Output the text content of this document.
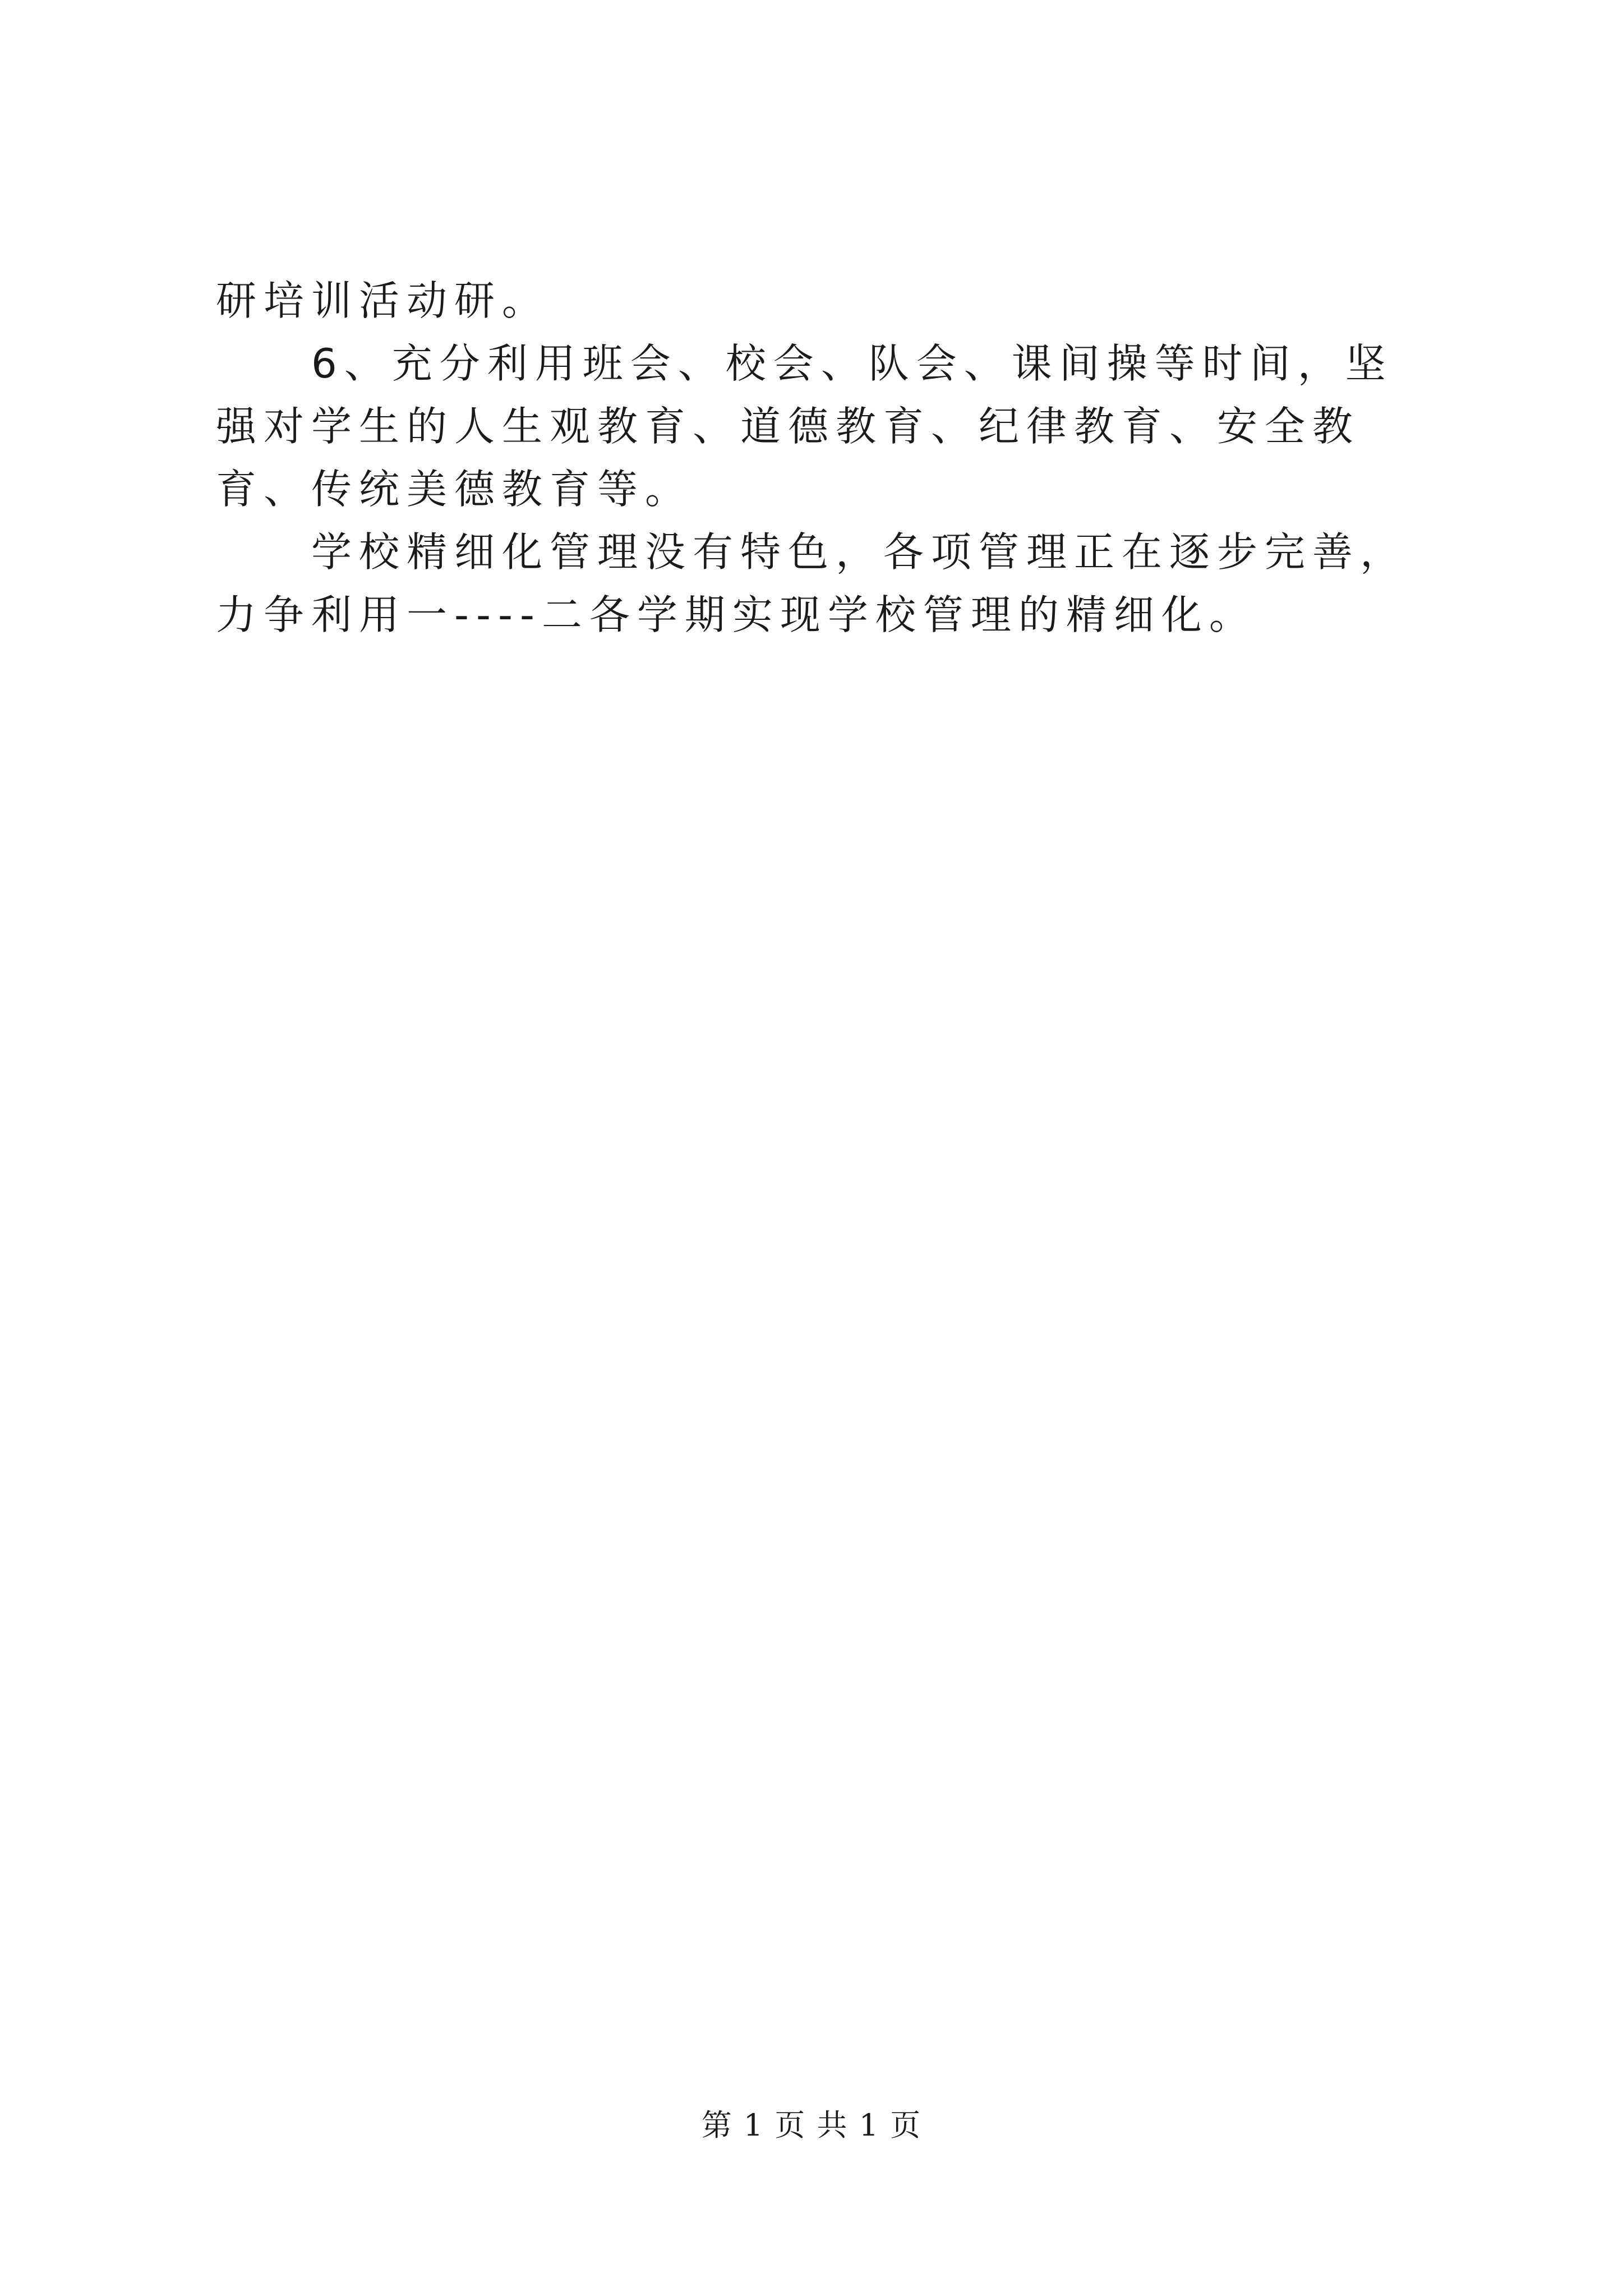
研培训活动研。

6、充分利用班会、校会、队会、课间操等时间，坚强对学生的人生观教育、道德教育、纪律教育、安全教育、传统美德教育等。

学校精细化管理没有特色，各项管理正在逐步完善，力争利用一----二各学期实现学校管理的精细化。

第 1 页 共 1 页
